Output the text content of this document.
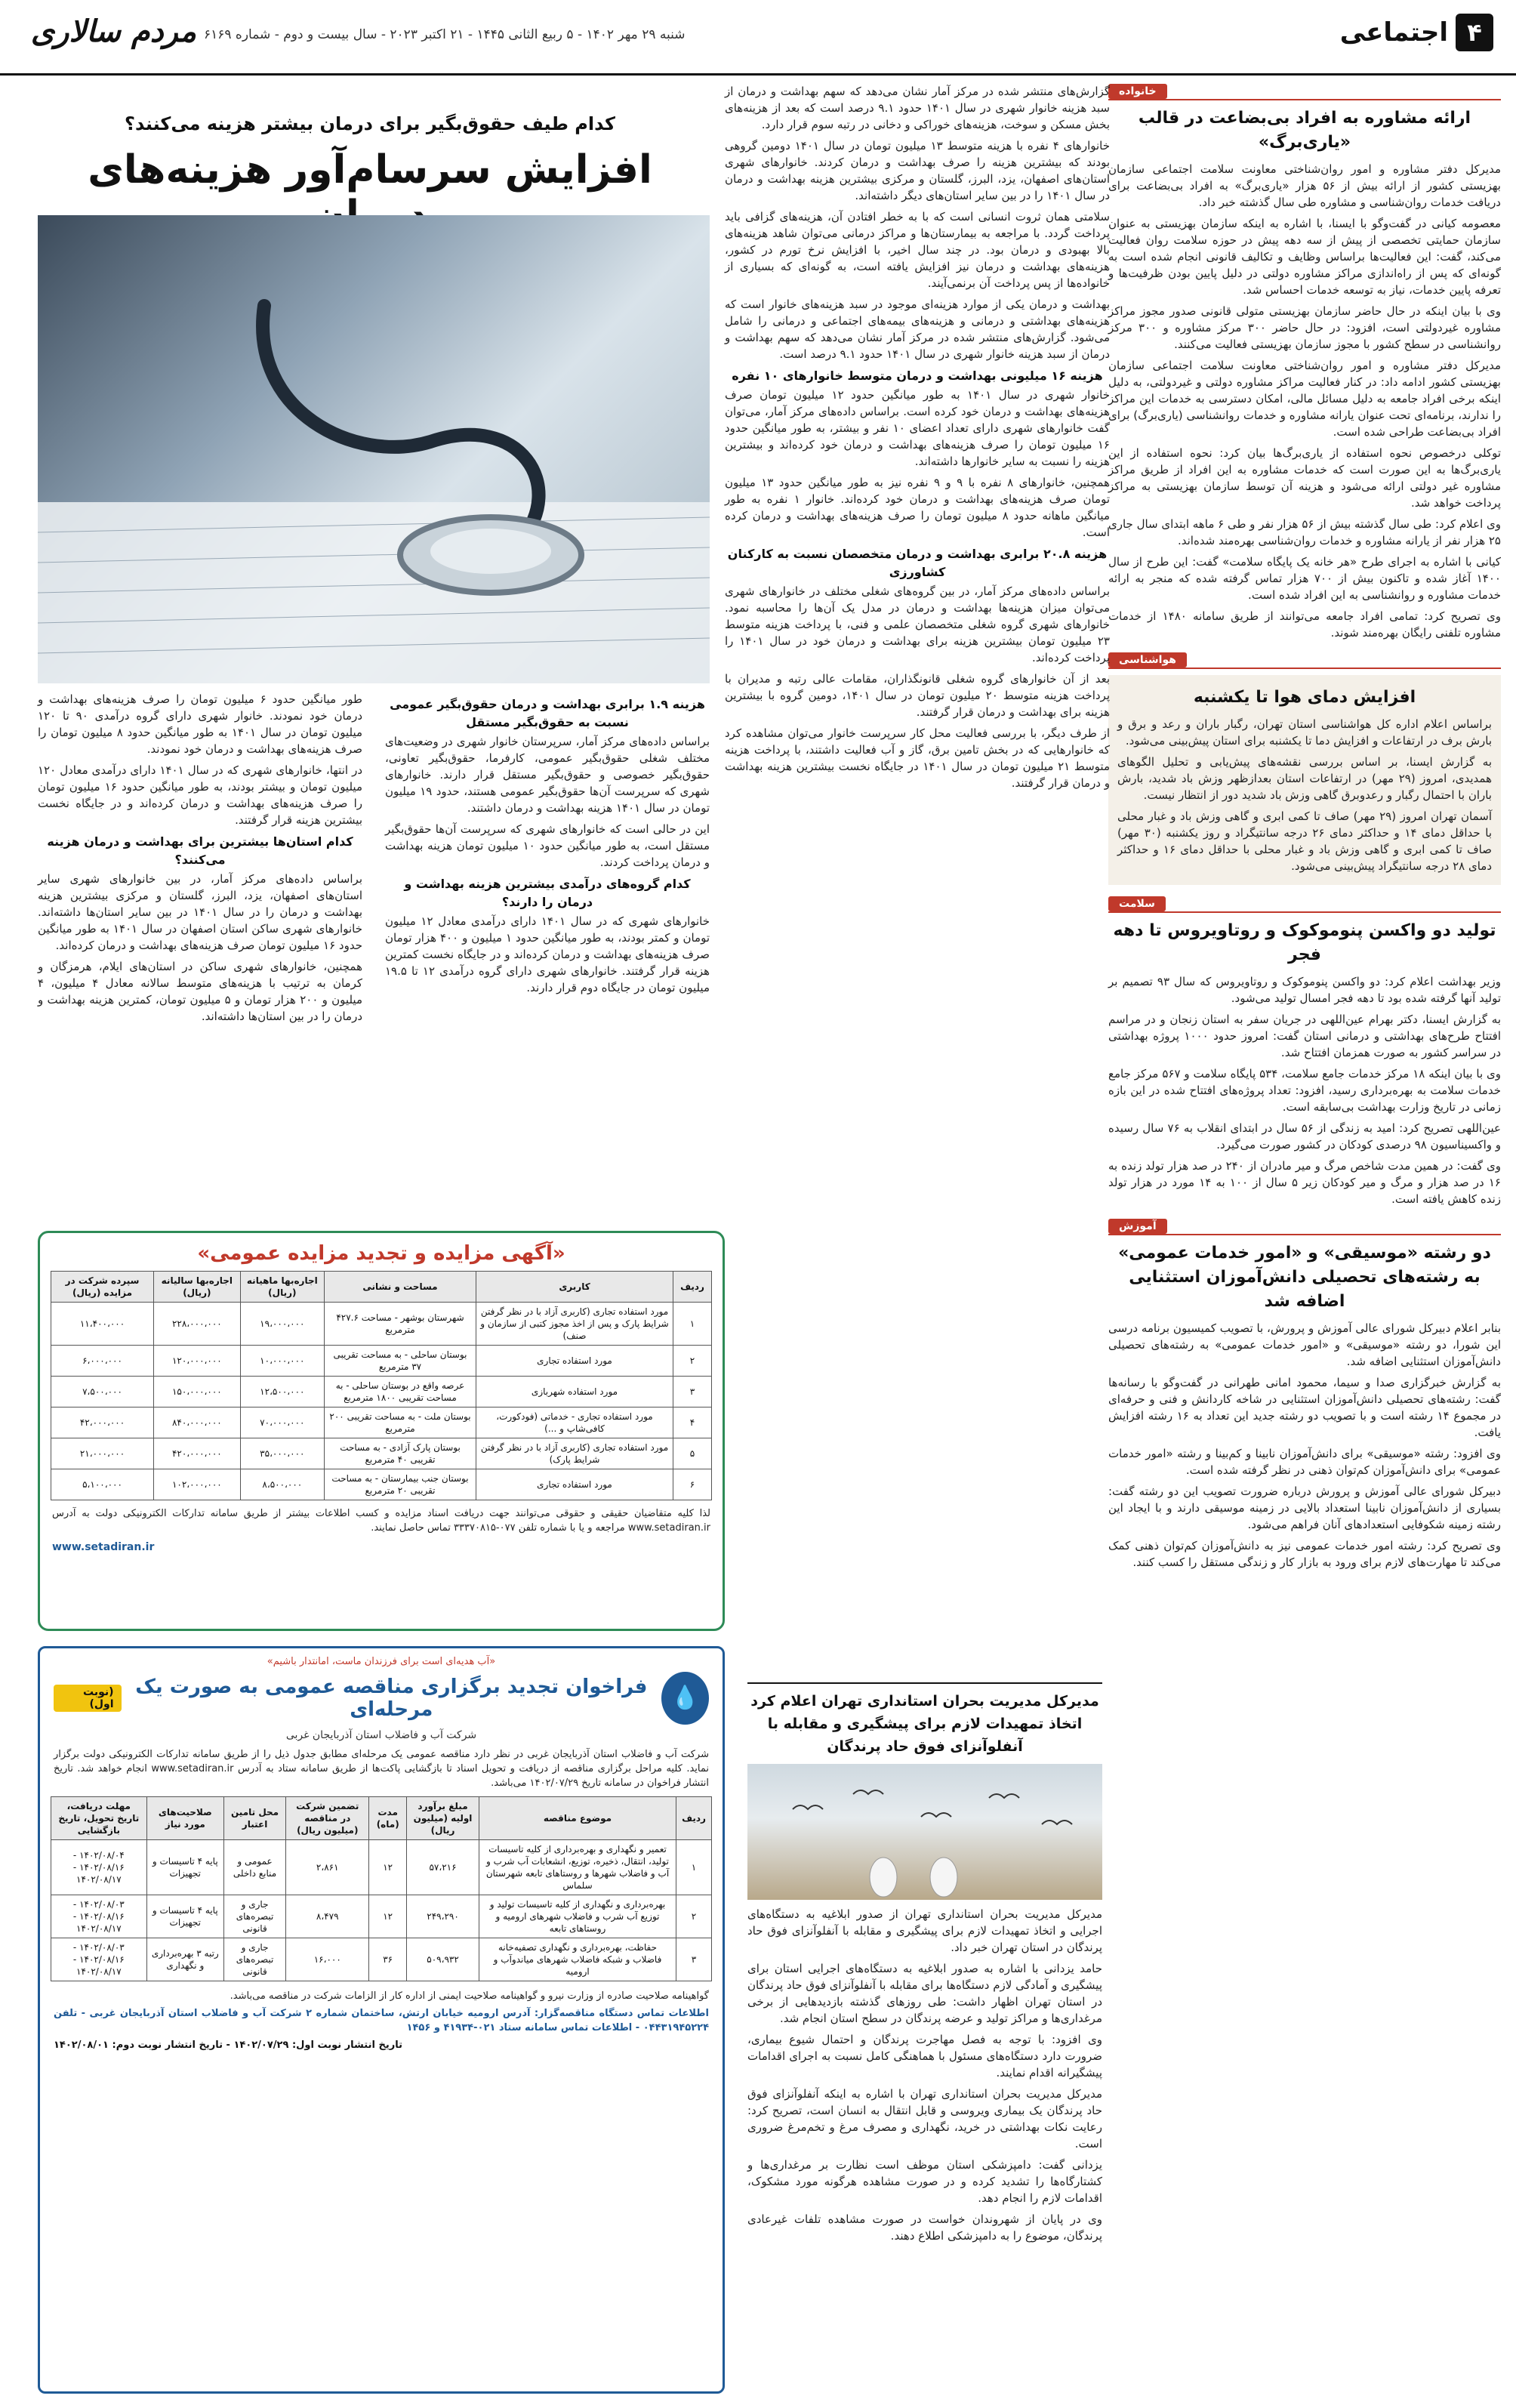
مردم سالاری شنبه ۲۹ مهر ۱۴۰۲ - ۵ ربیع الثانی ۱۴۴۵ - ۲۱ اکتبر ۲۰۲۳ - سال بیست و دوم - شماره ۶۱۶۹	۴اجتماعی
خانواده
ارائه مشاوره به افراد بی‌بضاعت در قالب «یاری‌برگ»

مدیرکل دفتر مشاوره و امور روان‌شناختی معاونت سلامت اجتماعی سازمان بهزیستی کشور از ارائه بیش از ۵۶ هزار «یاری‌برگ» به افراد بی‌بضاعت برای دریافت خدمات روان‌شناسی و مشاوره طی سال گذشته خبر داد.

معصومه کیانی در گفت‌وگو با ایسنا، با اشاره به اینکه سازمان بهزیستی به عنوان سازمان حمایتی تخصصی از پیش از سه دهه پیش در حوزه سلامت روان فعالیت می‌کند، گفت: این فعالیت‌ها براساس وظایف و تکالیف قانونی انجام شده است به گونه‌ای که پس از راه‌اندازی مراکز مشاوره دولتی در دلیل پایین بودن ظرفیت‌ها و تعرفه پایین خدمات، نیاز به توسعه خدمات احساس شد.

وی با بیان اینکه در حال حاضر سازمان بهزیستی متولی قانونی صدور مجوز مراکز مشاوره غیردولتی است، افزود: در حال حاضر ۳۰۰ مرکز مشاوره و ۳۰۰ مرکز روانشناسی در سطح کشور با مجوز سازمان بهزیستی فعالیت می‌کنند.

مدیرکل دفتر مشاوره و امور روان‌شناختی معاونت سلامت اجتماعی سازمان بهزیستی کشور ادامه داد: در کنار فعالیت مراکز مشاوره دولتی و غیردولتی، به دلیل اینکه برخی افراد جامعه به دلیل مسائل مالی، امکان دسترسی به خدمات این مراکز را ندارند، برنامه‌ای تحت عنوان یارانه مشاوره و خدمات روانشناسی (یاری‌برگ) برای افراد بی‌بضاعت طراحی شده است.

توکلی درخصوص نحوه استفاده از یاری‌برگ‌ها بیان کرد: نحوه استفاده از این یاری‌برگ‌ها به این صورت است که خدمات مشاوره به این افراد از طریق مراکز مشاوره غیر دولتی ارائه می‌شود و هزینه آن توسط سازمان بهزیستی به مراکز پرداخت خواهد شد.

وی اعلام کرد: طی سال گذشته بیش از ۵۶ هزار نفر و طی ۶ ماهه ابتدای سال جاری ۲۵ هزار نفر از یارانه مشاوره و خدمات روان‌شناسی بهره‌مند شده‌اند.

کیانی با اشاره به اجرای طرح «هر خانه یک پایگاه سلامت» گفت: این طرح از سال ۱۴۰۰ آغاز شده و تاکنون بیش از ۷۰۰ هزار تماس گرفته شده که منجر به ارائه خدمات مشاوره و روانشناسی به این افراد شده است.

وی تصریح کرد: تمامی افراد جامعه می‌توانند از طریق سامانه ۱۴۸۰ از خدمات مشاوره تلفنی رایگان بهره‌مند شوند.

هواشناسی
افزایش دمای هوا تا یکشنبه

براساس اعلام اداره کل هواشناسی استان تهران، رگبار باران و رعد و برق و بارش برف در ارتفاعات و افزایش دما تا یکشنبه برای استان پیش‌بینی می‌شود.

به گزارش ایسنا، بر اساس بررسی نقشه‌های پیش‌یابی و تحلیل الگوهای همدیدی، امروز (۲۹ مهر) در ارتفاعات استان بعدازظهر وزش باد شدید، بارش باران با احتمال رگبار و رعدوبرق گاهی وزش باد شدید دور از انتظار نیست.

آسمان تهران امروز (۲۹ مهر) صاف تا کمی ابری و گاهی وزش باد و غبار محلی با حداقل دمای ۱۴ و حداکثر دمای ۲۶ درجه سانتیگراد و روز یکشنبه (۳۰ مهر) صاف تا کمی ابری و گاهی وزش باد و غبار محلی با حداقل دمای ۱۶ و حداکثر دمای ۲۸ درجه سانتیگراد پیش‌بینی می‌شود.

سلامت
تولید دو واکسن پنوموکوک و روتاویروس تا دهه فجر

وزیر بهداشت اعلام کرد: دو واکسن پنوموکوک و روتاویروس که سال ۹۳ تصمیم بر تولید آنها گرفته شده بود تا دهه فجر امسال تولید می‌شود.

به گزارش ایسنا، دکتر بهرام عین‌اللهی در جریان سفر به استان زنجان و در مراسم افتتاح طرح‌های بهداشتی و درمانی استان گفت: امروز حدود ۱۰۰۰ پروژه بهداشتی در سراسر کشور به صورت همزمان افتتاح شد.

وی با بیان اینکه ۱۸ مرکز خدمات جامع سلامت، ۵۳۴ پایگاه سلامت و ۵۶۷ مرکز جامع خدمات سلامت به بهره‌برداری رسید، افزود: تعداد پروژه‌های افتتاح شده در این بازه زمانی در تاریخ وزارت بهداشت بی‌سابقه است.

عین‌اللهی تصریح کرد: امید به زندگی از ۵۶ سال در ابتدای انقلاب به ۷۶ سال رسیده و واکسیناسیون ۹۸ درصدی کودکان در کشور صورت می‌گیرد.

وی گفت: در همین مدت شاخص مرگ و میر مادران از ۲۴۰ در صد هزار تولد زنده به ۱۶ در صد هزار و مرگ و میر کودکان زیر ۵ سال از ۱۰۰ به ۱۴ مورد در هزار تولد زنده کاهش یافته است.

آموزش
دو رشته «موسیقی» و «امور خدمات عمومی» به رشته‌های تحصیلی دانش‌آموزان استثنایی اضافه شد

بنابر اعلام دبیرکل شورای عالی آموزش و پرورش، با تصویب کمیسیون برنامه درسی این شورا، دو رشته «موسیقی» و «امور خدمات عمومی» به رشته‌های تحصیلی دانش‌آموزان استثنایی اضافه شد.

به گزارش خبرگزاری صدا و سیما، محمود امانی طهرانی در گفت‌وگو با رسانه‌ها گفت: رشته‌های تحصیلی دانش‌آموزان استثنایی در شاخه کاردانش و فنی و حرفه‌ای در مجموع ۱۴ رشته است و با تصویب دو رشته جدید این تعداد به ۱۶ رشته افزایش یافت.

وی افزود: رشته «موسیقی» برای دانش‌آموزان نابینا و کم‌بینا و رشته «امور خدمات عمومی» برای دانش‌آموزان کم‌توان ذهنی در نظر گرفته شده است.

دبیرکل شورای عالی آموزش و پرورش درباره ضرورت تصویب این دو رشته گفت: بسیاری از دانش‌آموزان نابینا استعداد بالایی در زمینه موسیقی دارند و با ایجاد این رشته زمینه شکوفایی استعدادهای آنان فراهم می‌شود.

وی تصریح کرد: رشته امور خدمات عمومی نیز به دانش‌آموزان کم‌توان ذهنی کمک می‌کند تا مهارت‌های لازم برای ورود به بازار کار و زندگی مستقل را کسب کنند.

گزارش‌های منتشر شده در مرکز آمار نشان می‌دهد که سهم بهداشت و درمان از سبد هزینه خانوار شهری در سال ۱۴۰۱ حدود ۹.۱ درصد است که بعد از هزینه‌های بخش مسکن و سوخت، هزینه‌های خوراکی و دخانی در رتبه سوم قرار دارد.

خانوارهای ۴ نفره با هزینه متوسط ۱۳ میلیون تومان در سال ۱۴۰۱ دومین گروهی بودند که بیشترین هزینه را صرف بهداشت و درمان کردند. خانوارهای شهری استان‌های اصفهان، یزد، البرز، گلستان و مرکزی بیشترین هزینه بهداشت و درمان در سال ۱۴۰۱ را در بین سایر استان‌های دیگر داشته‌اند.

سلامتی همان ثروت انسانی است که با به خطر افتادن آن، هزینه‌های گزافی باید پرداخت گردد. با مراجعه به بیمارستان‌ها و مراکز درمانی می‌توان شاهد هزینه‌های بالا بهبودی و درمان بود. در چند سال اخیر، با افزایش نرخ تورم در کشور، هزینه‌های بهداشت و درمان نیز افزایش یافته است، به گونه‌ای که بسیاری از خانواده‌ها از پس پرداخت آن برنمی‌آیند.

بهداشت و درمان یکی از موارد هزینه‌ای موجود در سبد هزینه‌های خانوار است که هزینه‌های بهداشتی و درمانی و هزینه‌های بیمه‌های اجتماعی و درمانی را شامل می‌شود. گزارش‌های منتشر شده در مرکز آمار نشان می‌دهد که سهم بهداشت و درمان از سبد هزینه خانوار شهری در سال ۱۴۰۱ حدود ۹.۱ درصد است.

هزینه ۱۶ میلیونی بهداشت و درمان متوسط خانوارهای ۱۰ نفره

خانوار شهری در سال ۱۴۰۱ به طور میانگین حدود ۱۲ میلیون تومان صرف هزینه‌های بهداشت و درمان خود کرده است. براساس داده‌های مرکز آمار، می‌توان گفت خانوارهای شهری دارای تعداد اعضای ۱۰ نفر و بیشتر، به طور میانگین حدود ۱۶ میلیون تومان را صرف هزینه‌های بهداشت و درمان خود کرده‌اند و بیشترین هزینه را نسبت به سایر خانوارها داشته‌اند.

همچنین، خانوارهای ۸ نفره با ۹ و ۹ نفره نیز به طور میانگین حدود ۱۳ میلیون تومان صرف هزینه‌های بهداشت و درمان خود کرده‌اند. خانوار ۱ نفره به طور میانگین ماهانه حدود ۸ میلیون تومان را صرف هزینه‌های بهداشت و درمان کرده است.

هزینه ۲۰.۸ برابری بهداشت و درمان متخصصان نسبت به کارکنان کشاورزی

براساس داده‌های مرکز آمار، در بین گروه‌های شغلی مختلف در خانوارهای شهری می‌توان میزان هزینه‌ها بهداشت و درمان در مدل یک آن‌ها را محاسبه نمود. خانوارهای شهری گروه شغلی متخصصان علمی و فنی، با پرداخت هزینه متوسط ۲۳ میلیون تومان بیشترین هزینه برای بهداشت و درمان خود در سال ۱۴۰۱ را پرداخت کرده‌اند.

بعد از آن خانوارهای گروه شغلی قانونگذاران، مقامات عالی رتبه و مدیران با پرداخت هزینه متوسط ۲۰ میلیون تومان در سال ۱۴۰۱، دومین گروه با بیشترین هزینه برای بهداشت و درمان قرار گرفتند.

از طرف دیگر، با بررسی فعالیت محل کار سرپرست خانوار می‌توان مشاهده کرد که خانوارهایی که در بخش تامین برق، گاز و آب فعالیت داشتند، با پرداخت هزینه متوسط ۲۱ میلیون تومان در سال ۱۴۰۱ در جایگاه نخست بیشترین هزینه بهداشت و درمان قرار گرفتند.

کدام طیف حقوق‌بگیر برای درمان بیشتر هزینه می‌کنند؟
افزایش سرسام‌آور هزینه‌های
هزینه ۱.۹ برابری بهداشت و درمان حقوق‌بگیر عمومی نسبت به حقوق‌بگیر مستقل

براساس داده‌های مرکز آمار، سرپرستان خانوار شهری در وضعیت‌های مختلف شغلی حقوق‌بگیر عمومی، کارفرما، حقوق‌بگیر تعاونی، حقوق‌بگیر خصوصی و حقوق‌بگیر مستقل قرار دارند. خانوارهای شهری که سرپرست آن‌ها حقوق‌بگیر عمومی هستند، حدود ۱۹ میلیون تومان در سال ۱۴۰۱ هزینه بهداشت و درمان داشتند.

این در حالی است که خانوارهای شهری که سرپرست آن‌ها حقوق‌بگیر مستقل است، به طور میانگین حدود ۱۰ میلیون تومان هزینه بهداشت و درمان پرداخت کردند.

کدام گروه‌های درآمدی بیشترین هزینه بهداشت و درمان را دارند؟

خانوارهای شهری که در سال ۱۴۰۱ دارای درآمدی معادل ۱۲ میلیون تومان و کمتر بودند، به طور میانگین حدود ۱ میلیون و ۴۰۰ هزار تومان صرف هزینه‌های بهداشت و درمان کرده‌اند و در جایگاه نخست کمترین هزینه قرار گرفتند. خانوارهای شهری دارای گروه درآمدی ۱۲ تا ۱۹.۵ میلیون تومان در جایگاه دوم قرار دارند.

طور میانگین حدود ۶ میلیون تومان را صرف هزینه‌های بهداشت و درمان خود نمودند. خانوار شهری دارای گروه درآمدی ۹۰ تا ۱۲۰ میلیون تومان در سال ۱۴۰۱ به طور میانگین حدود ۸ میلیون تومان را صرف هزینه‌های بهداشت و درمان خود نمودند.

در انتها، خانوارهای شهری که در سال ۱۴۰۱ دارای درآمدی معادل ۱۲۰ میلیون تومان و بیشتر بودند، به طور میانگین حدود ۱۶ میلیون تومان را صرف هزینه‌های بهداشت و درمان کرده‌اند و در جایگاه نخست بیشترین هزینه قرار گرفتند.

کدام استان‌ها بیشترین برای بهداشت و درمان هزینه می‌کنند؟

براساس داده‌های مرکز آمار، در بین خانوارهای شهری سایر استان‌های اصفهان، یزد، البرز، گلستان و مرکزی بیشترین هزینه بهداشت و درمان را در سال ۱۴۰۱ در بین سایر استان‌ها داشته‌اند. خانوارهای شهری ساکن استان اصفهان در سال ۱۴۰۱ به طور میانگین حدود ۱۶ میلیون تومان صرف هزینه‌های بهداشت و درمان کرده‌اند.

همچنین، خانوارهای شهری ساکن در استان‌های ایلام، هرمزگان و کرمان به ترتیب با هزینه‌های متوسط سالانه معادل ۴ میلیون، ۴ میلیون و ۲۰۰ هزار تومان و ۵ میلیون تومان، کمترین هزینه بهداشت و درمان را در بین استان‌ها داشته‌اند.

«آگهی مزایده و تجدید مزایده عمومی»
ردیف	کاربری	مساحت و نشانی	اجاره‌بها ماهیانه (ریال)	اجاره‌بها سالیانه (ریال)	سپرده شرکت در مزایده (ریال)
۱	مورد استفاده تجاری (کاربری آزاد با در نظر گرفتن شرایط پارک و پس از اخذ مجوز کتبی از سازمان و صنف)	شهرستان بوشهر - مساحت ۴۲۷.۶ مترمربع	۱۹،۰۰۰،۰۰۰	۲۲۸،۰۰۰،۰۰۰	۱۱،۴۰۰،۰۰۰
۲	مورد استفاده تجاری	بوستان ساحلی - به مساحت تقریبی ۳۷ مترمربع	۱۰،۰۰۰،۰۰۰	۱۲۰،۰۰۰،۰۰۰	۶،۰۰۰،۰۰۰
۳	مورد استفاده شهربازی	عرصه واقع در بوستان ساحلی - به مساحت تقریبی ۱۸۰۰ مترمربع	۱۲،۵۰۰،۰۰۰	۱۵۰،۰۰۰،۰۰۰	۷،۵۰۰،۰۰۰
۴	مورد استفاده تجاری - خدماتی (فودکورت، کافی‌شاپ و ...)	بوستان ملت - به مساحت تقریبی ۲۰۰ مترمربع	۷۰،۰۰۰،۰۰۰	۸۴۰،۰۰۰،۰۰۰	۴۲،۰۰۰،۰۰۰
۵	مورد استفاده تجاری (کاربری آزاد با در نظر گرفتن شرایط پارک)	بوستان پارک آزادی - به مساحت تقریبی ۴۰ مترمربع	۳۵،۰۰۰،۰۰۰	۴۲۰،۰۰۰،۰۰۰	۲۱،۰۰۰،۰۰۰
۶	مورد استفاده تجاری	بوستان جنب بیمارستان - به مساحت تقریبی ۲۰ مترمربع	۸،۵۰۰،۰۰۰	۱۰۲،۰۰۰،۰۰۰	۵،۱۰۰،۰۰۰
لذا کلیه متقاضیان حقیقی و حقوقی می‌توانند جهت دریافت اسناد مزایده و کسب اطلاعات بیشتر از طریق سامانه تدارکات الکترونیکی دولت به آدرس www.setadiran.ir مراجعه و یا با شماره تلفن ۰۷۷-۳۳۳۷۰۸۱۵ تماس حاصل نمایند.
www.setadiran.ir
«آب هدیه‌ای است برای فرزندان ماست، امانتدار باشیم»
💧
فراخوان تجدید برگزاری مناقصه عمومی به صورت یک مرحله‌ای
(نوبت اول)
شرکت آب و فاضلاب استان آذربایجان غربی
شرکت آب و فاضلاب استان آذربایجان غربی در نظر دارد مناقصه عمومی یک مرحله‌ای مطابق جدول ذیل را از طریق سامانه تدارکات الکترونیکی دولت برگزار نماید. کلیه مراحل برگزاری مناقصه از دریافت و تحویل اسناد تا بازگشایی پاکت‌ها از طریق سامانه ستاد به آدرس www.setadiran.ir انجام خواهد شد. تاریخ انتشار فراخوان در سامانه تاریخ ۱۴۰۲/۰۷/۲۹ می‌باشد.
ردیف	موضوع مناقصه	مبلغ برآورد اولیه (میلیون ریال)	مدت (ماه)	تضمین شرکت در مناقصه (میلیون ریال)	محل تامین اعتبار	صلاحیت‌های مورد نیاز	مهلت دریافت، تاریخ تحویل، تاریخ بازگشایی
۱	تعمیر و نگهداری و بهره‌برداری از کلیه تاسیسات تولید، انتقال، ذخیره، توزیع، انشعابات آب شرب و آب و فاضلاب شهرها و روستاهای تابعه شهرستان سلماس	۵۷،۲۱۶	۱۲	۲،۸۶۱	عمومی و منابع داخلی	پایه ۴ تاسیسات و تجهیزات	۱۴۰۲/۰۸/۰۴ - ۱۴۰۲/۰۸/۱۶ - ۱۴۰۲/۰۸/۱۷
۲	بهره‌برداری و نگهداری از کلیه تاسیسات تولید و توزیع آب شرب و فاضلاب شهرهای ارومیه و روستاهای تابعه	۲۴۹،۲۹۰	۱۲	۸،۴۷۹	جاری و تبصره‌های قانونی	پایه ۴ تاسیسات و تجهیزات	۱۴۰۲/۰۸/۰۳ - ۱۴۰۲/۰۸/۱۶ - ۱۴۰۲/۰۸/۱۷
۳	حفاظت، بهره‌برداری و نگهداری تصفیه‌خانه فاضلاب و شبکه فاضلاب شهرهای میاندوآب و ارومیه	۵۰۹،۹۳۲	۳۶	۱۶،۰۰۰	جاری و تبصره‌های قانونی	رتبه ۳ بهره‌برداری و نگهداری	۱۴۰۲/۰۸/۰۳ - ۱۴۰۲/۰۸/۱۶ - ۱۴۰۲/۰۸/۱۷
گواهینامه صلاحیت صادره از وزارت نیرو و گواهینامه صلاحیت ایمنی از اداره کار از الزامات شرکت در مناقصه می‌باشد.
اطلاعات تماس دستگاه مناقصه‌گزار: آدرس ارومیه خیابان ارتش، ساختمان شماره ۲ شرکت آب و فاضلاب استان آذربایجان غربی - تلفن ۰۴۴۳۱۹۴۵۲۲۴ - اطلاعات تماس سامانه ستاد ۰۲۱-۴۱۹۳۴ و ۱۴۵۶
تاریخ انتشار نوبت اول: ۱۴۰۲/۰۷/۲۹ - تاریخ انتشار نوبت دوم: ۱۴۰۲/۰۸/۰۱
مدیرکل مدیریت بحران استانداری تهران اعلام کرد اتخاذ تمهیدات لازم برای پیشگیری و مقابله با آنفلوآنزای فوق حاد پرندگان

مدیرکل مدیریت بحران استانداری تهران از صدور ابلاغیه به دستگاه‌های اجرایی و اتخاذ تمهیدات لازم برای پیشگیری و مقابله با آنفلوآنزای فوق حاد پرندگان در استان تهران خبر داد.

حامد یزدانی با اشاره به صدور ابلاغیه به دستگاه‌های اجرایی استان برای پیشگیری و آمادگی لازم دستگاه‌ها برای مقابله با آنفلوآنزای فوق حاد پرندگان در استان تهران اظهار داشت: طی روزهای گذشته بازدیدهایی از برخی مرغداری‌ها و مراکز تولید و عرضه پرندگان در سطح استان انجام شد.

وی افزود: با توجه به فصل مهاجرت پرندگان و احتمال شیوع بیماری، ضرورت دارد دستگاه‌های مسئول با هماهنگی کامل نسبت به اجرای اقدامات پیشگیرانه اقدام نمایند.

مدیرکل مدیریت بحران استانداری تهران با اشاره به اینکه آنفلوآنزای فوق حاد پرندگان یک بیماری ویروسی و قابل انتقال به انسان است، تصریح کرد: رعایت نکات بهداشتی در خرید، نگهداری و مصرف مرغ و تخم‌مرغ ضروری است.

یزدانی گفت: دامپزشکی استان موظف است نظارت بر مرغداری‌ها و کشتارگاه‌ها را تشدید کرده و در صورت مشاهده هرگونه مورد مشکوک، اقدامات لازم را انجام دهد.

وی در پایان از شهروندان خواست در صورت مشاهده تلفات غیرعادی پرندگان، موضوع را به دامپزشکی اطلاع دهند.
